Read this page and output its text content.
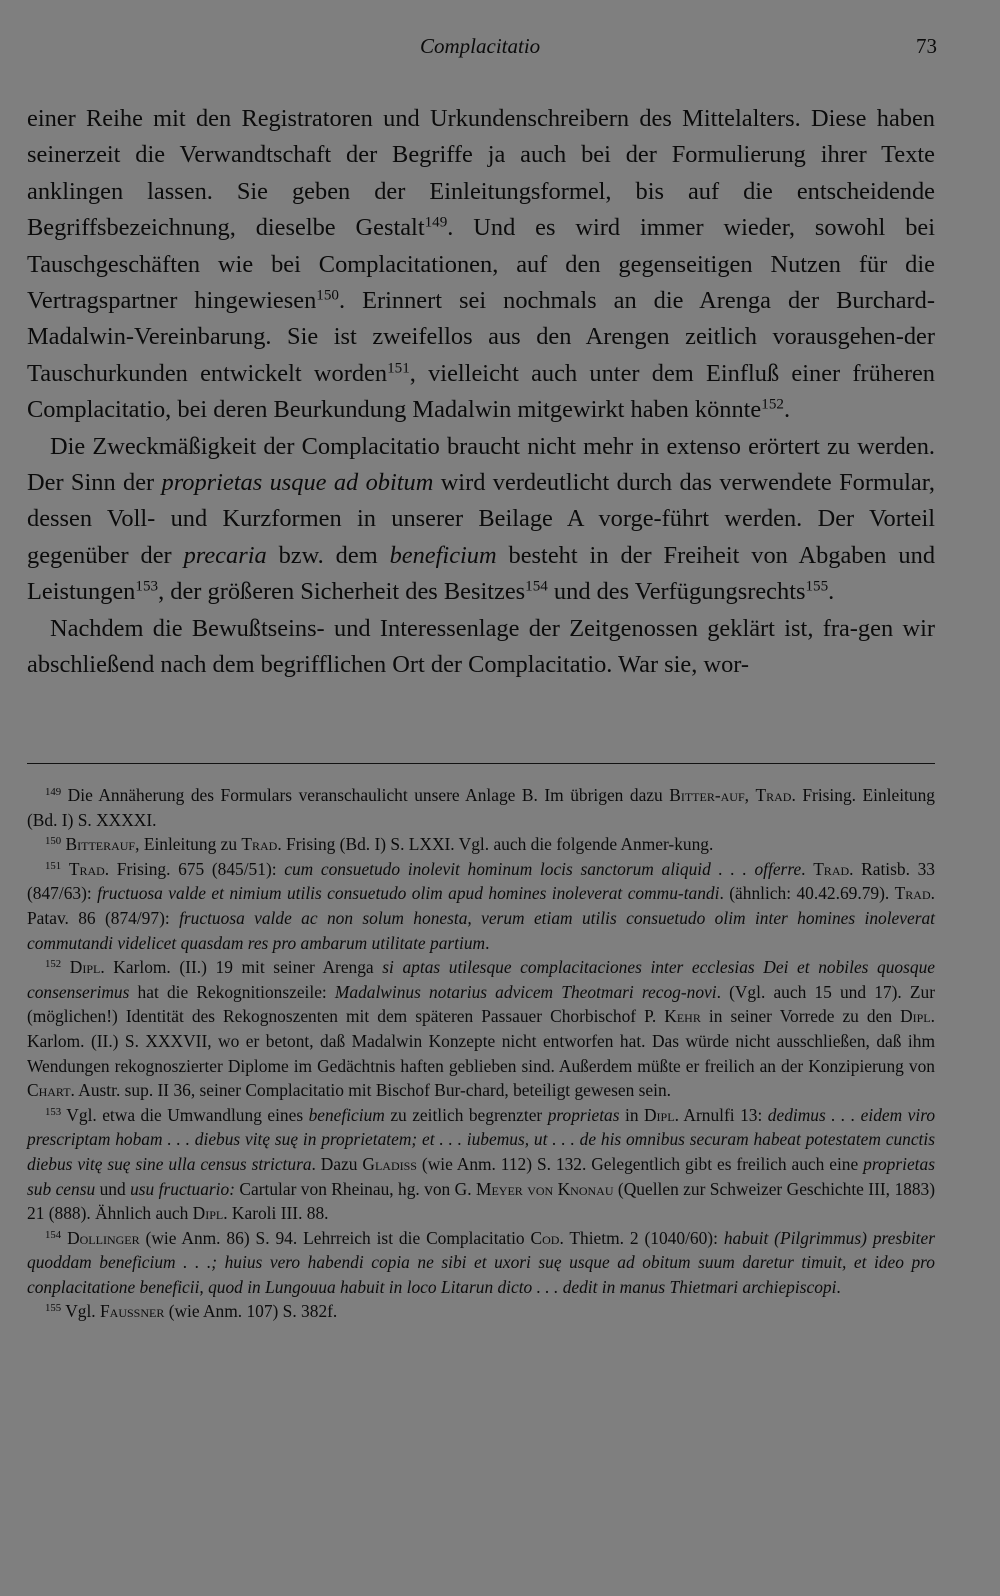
Complacitatio	73

einer Reihe mit den Registratoren und Urkundenschreibern des Mittelalters. Diese haben seinerzeit die Verwandtschaft der Begriffe ja auch bei der Formulierung ihrer Texte anklingen lassen. Sie geben der Einleitungsformel, bis auf die entscheidende Begriffsbezeichnung, dieselbe Gestalt$^{149}$. Und es wird immer wieder, sowohl bei Tauschgeschäften wie bei Complacitationen, auf den gegenseitigen Nutzen für die Vertragspartner hingewiesen$^{150}$. Erinnert sei nochmals an die Arenga der Burchard-Madalwin-Vereinbarung. Sie ist zweifellos aus den Arengen zeitlich vorausgehen-der Tauschurkunden entwickelt worden$^{151}$, vielleicht auch unter dem Einfluß einer früheren Complacitatio, bei deren Beurkundung Madalwin mitgewirkt haben könnte$^{152}$.

Die Zweckmäßigkeit der Complacitatio braucht nicht mehr in extenso erörtert zu werden. Der Sinn der proprietas usque ad obitum wird verdeutlicht durch das verwendete Formular, dessen Voll- und Kurzformen in unserer Beilage A vorge-führt werden. Der Vorteil gegenüber der precaria bzw. dem beneficium besteht in der Freiheit von Abgaben und Leistungen$^{153}$, der größeren Sicherheit des Besitzes$^{154}$ und des Verfügungsrechts$^{155}$.

Nachdem die Bewußtseins- und Interessenlage der Zeitgenossen geklärt ist, fra-gen wir abschließend nach dem begrifflichen Ort der Complacitatio. War sie, wor-

$^{149}$ Die Annäherung des Formulars veranschaulicht unsere Anlage B. Im übrigen dazu Bitter-auf, Trad. Frising. Einleitung (Bd. I) S. XXXXI.

$^{150}$ Bitterauf, Einleitung zu Trad. Frising (Bd. I) S. LXXI. Vgl. auch die folgende Anmer-kung.

$^{151}$ Trad. Frising. 675 (845/51): cum consuetudo inolevit hominum locis sanctorum aliquid . . . offerre. Trad. Ratisb. 33 (847/63): fructuosa valde et nimium utilis consuetudo olim apud homines inoleverat commu-tandi. (ähnlich: 40.42.69.79). Trad. Patav. 86 (874/97): fructuosa valde ac non solum honesta, verum etiam utilis consuetudo olim inter homines inoleverat commutandi videlicet quasdam res pro ambarum utilitate partium.

$^{152}$ Dipl. Karlom. (II.) 19 mit seiner Arenga si aptas utilesque complacitaciones inter ecclesias Dei et nobiles quosque consenserimus hat die Rekognitionszeile: Madalwinus notarius advicem Theotmari recog-novi. (Vgl. auch 15 und 17). Zur (möglichen!) Identität des Rekognoszenten mit dem späteren Passauer Chorbischof P. Kehr in seiner Vorrede zu den Dipl. Karlom. (II.) S. XXXVII, wo er betont, daß Madalwin Konzepte nicht entworfen hat. Das würde nicht ausschließen, daß ihm Wendungen rekognoszierter Diplome im Gedächtnis haften geblieben sind. Außerdem müßte er freilich an der Konzipierung von Chart. Austr. sup. II 36, seiner Complacitatio mit Bischof Bur-chard, beteiligt gewesen sein.

$^{153}$ Vgl. etwa die Umwandlung eines beneficium zu zeitlich begrenzter proprietas in Dipl. Arnulfi 13: dedimus . . . eidem viro prescriptam hobam . . . diebus vitę suę in proprietatem; et . . . iubemus, ut . . . de his omnibus securam habeat potestatem cunctis diebus vitę suę sine ulla census strictura. Dazu Gladiss (wie Anm. 112) S. 132. Gelegentlich gibt es freilich auch eine proprietas sub censu und usu fructuario: Cartular von Rheinau, hg. von G. Meyer von Knonau (Quellen zur Schweizer Geschichte III, 1883) 21 (888). Ähnlich auch Dipl. Karoli III. 88.

$^{154}$ Dollinger (wie Anm. 86) S. 94. Lehrreich ist die Complacitatio Cod. Thietm. 2 (1040/60): habuit (Pilgrimmus) presbiter quoddam beneficium . . .; huius vero habendi copia ne sibi et uxori suę usque ad obitum suum daretur timuit, et ideo pro conplacitatione beneficii, quod in Lungouua habuit in loco Litarun dicto . . . dedit in manus Thietmari archiepiscopi.

$^{155}$ Vgl. Faussner (wie Anm. 107) S. 382f.
